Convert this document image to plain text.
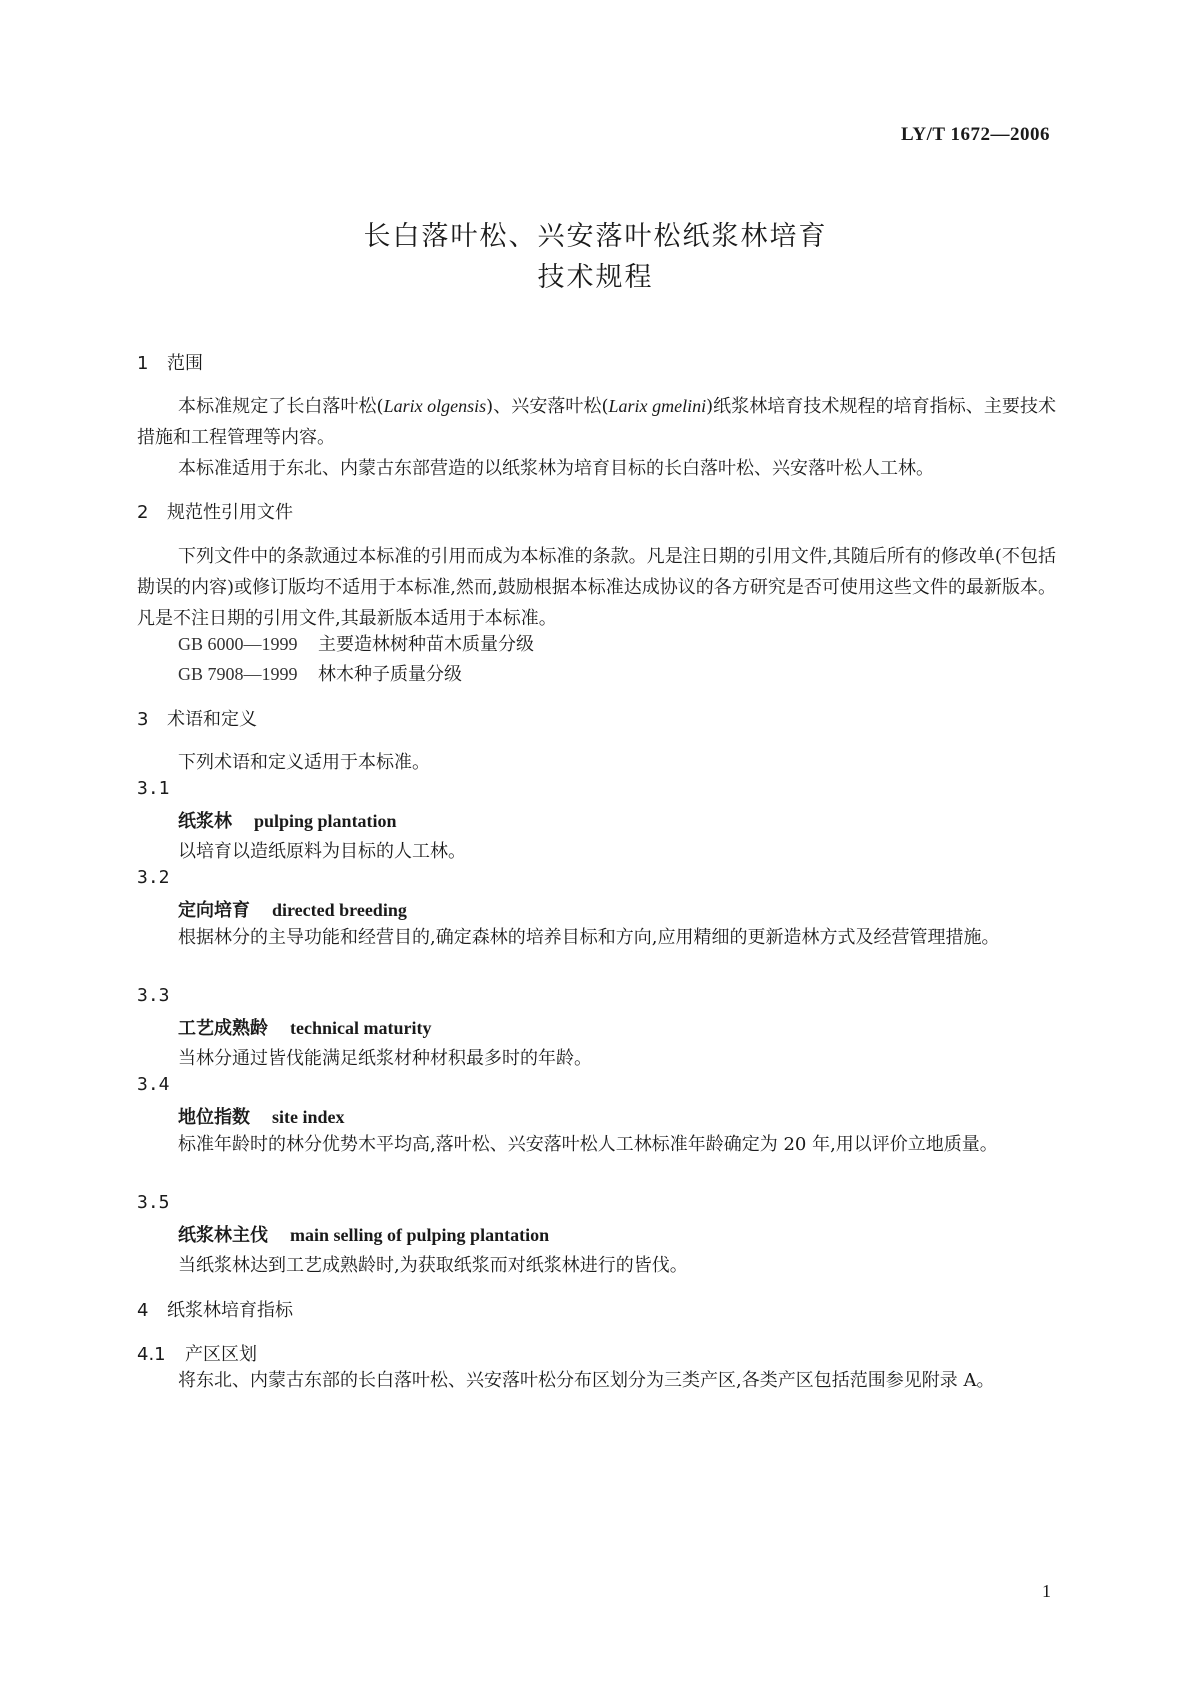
LY/T 1672—2006
长白落叶松、兴安落叶松纸浆林培育
技术规程
1 范围
本标准规定了长白落叶松(Larix olgensis)、兴安落叶松(Larix gmelini)纸浆林培育技术规程的培育指标、主要技术措施和工程管理等内容。
本标准适用于东北、内蒙古东部营造的以纸浆林为培育目标的长白落叶松、兴安落叶松人工林。
2 规范性引用文件
下列文件中的条款通过本标准的引用而成为本标准的条款。凡是注日期的引用文件,其随后所有的修改单(不包括勘误的内容)或修订版均不适用于本标准,然而,鼓励根据本标准达成协议的各方研究是否可使用这些文件的最新版本。凡是不注日期的引用文件,其最新版本适用于本标准。
GB 6000—1999 主要造林树种苗木质量分级
GB 7908—1999 林木种子质量分级
3 术语和定义
下列术语和定义适用于本标准。
3.1
纸浆林 pulping plantation
以培育以造纸原料为目标的人工林。
3.2
定向培育 directed breeding
根据林分的主导功能和经营目的,确定森林的培养目标和方向,应用精细的更新造林方式及经营管理措施。
3.3
工艺成熟龄 technical maturity
当林分通过皆伐能满足纸浆材种材积最多时的年龄。
3.4
地位指数 site index
标准年龄时的林分优势木平均高,落叶松、兴安落叶松人工林标准年龄确定为 20 年,用以评价立地质量。
3.5
纸浆林主伐 main selling of pulping plantation
当纸浆林达到工艺成熟龄时,为获取纸浆而对纸浆林进行的皆伐。
4 纸浆林培育指标
4.1 产区区划
将东北、内蒙古东部的长白落叶松、兴安落叶松分布区划分为三类产区,各类产区包括范围参见附录 A。
1
